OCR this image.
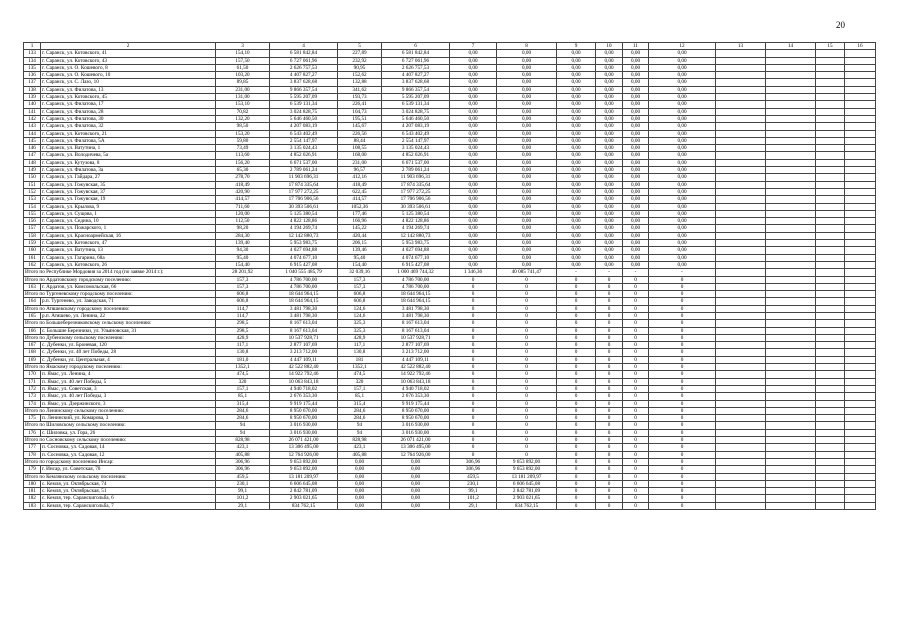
20
1	2	3	4	5	6	7	8	9	10	11	12	13	14	15	16
133	г. Саранск, ул. Котовского, 41	154,10	6 581 842,84	227,89	6 581 842,84	0,00	0,00	0,00	0,00	0,00	0,00				
134	г. Саранск, ул. Котовского, 43	157,50	6 727 061,96	232,92	6 727 061,96	0,00	0,00	0,00	0,00	0,00	0,00				
135	г. Саранск, ул. О. Кошевого, 8	61,50	2 626 757,53	90,95	2 626 757,53	0,00	0,00	0,00	0,00	0,00	0,00				
136	г. Саранск, ул. О. Кошевого, 10	103,20	4 407 827,27	152,62	4 407 827,27	0,00	0,00	0,00	0,00	0,00	0,00				
137	г. Саранск, ул. С. Лазо, 10	89,85	3 837 628,68	132,88	3 837 628,68	0,00	0,00	0,00	0,00	0,00	0,00				
138	г. Саранск, ул. Филатова, 13	231,00	9 866 357,54	341,62	9 866 357,54	0,00	0,00	0,00	0,00	0,00	0,00				
139	г. Саранск, ул. Котовского, 45	131,00	5 595 207,09	193,73	5 595 207,09	0,00	0,00	0,00	0,00	0,00	0,00				
140	г. Саранск, ул. Филатова, 17	153,10	6 539 131,34	226,41	6 539 131,34	0,00	0,00	0,00	0,00	0,00	0,00				
141	г. Саранск, ул. Филатова, 28	70,82	3 024 828,75	104,73	3 024 828,75	0,00	0,00	0,00	0,00	0,00	0,00				
142	г. Саранск, ул. Филатова, 30	132,20	5 646 460,50	195,51	5 646 460,50	0,00	0,00	0,00	0,00	0,00	0,00				
143	г. Саранск, ул. Филатова, 32	98,50	4 207 083,19	145,67	4 207 083,19	0,00	0,00	0,00	0,00	0,00	0,00				
144	г. Саранск, ул. Котовского, 21	153,20	6 543 402,49	226,56	6 543 402,49	0,00	0,00	0,00	0,00	0,00	0,00				
145	г. Саранск, ул. Филатова, 5А	59,80	2 554 147,97	88,44	2 554 147,97	0,00	0,00	0,00	0,00	0,00	0,00				
146	г. Саранск, ул. Ватутина, 1	73,49	3 135 024,43	108,55	3 135 024,43	0,00	0,00	0,00	0,00	0,00	0,00				
147	г. Саранск, ул. Володичева, 5а	113,60	4 852 026,91	168,00	4 852 026,91	0,00	0,00	0,00	0,00	0,00	0,00				
148	г. Саранск, ул. Кутузова, 8	156,20	6 671 537,00	231,00	6 671 537,00	0,00	0,00	0,00	0,00	0,00	0,00				
149	г. Саранск, ул. Филатова, 3а	65,30	2 789 061,24	96,57	2 789 061,24	0,00	0,00	0,00	0,00	0,00	0,00				
150	г. Саранск, ул. Гайдара, 27	278,70	11 903 696,31	412,16	11 903 696,31	0,00	0,00	0,00	0,00	0,00	0,00				
151	г. Саранск, ул. Гожувская, 35	418,49	17 874 335,64	418,49	17 874 335,64	0,00	0,00	0,00	0,00	0,00	0,00				
152	г. Саранск, ул. Гожувская, 37	420,90	17 977 272,25	622,45	17 977 272,25	0,00	0,00	0,00	0,00	0,00	0,00				
153	г. Саранск, ул. Гожувская, 19	414,57	17 706 906,56	414,57	17 706 906,56	0,00	0,00	0,00	0,00	0,00	0,00				
154	г. Саранск, ул. Крылова, 9	711,60	30 393 506,61	1052,36	30 393 506,61	0,00	0,00	0,00	0,00	0,00	0,00				
155	г. Саранск, ул. Сущова, 1	120,00	5 125 380,54	177,46	5 125 380,54	0,00	0,00	0,00	0,00	0,00	0,00				
156	г. Саранск, ул. Седина, 10	112,50	4 822 128,86	166,96	4 822 128,86	0,00	0,00	0,00	0,00	0,00	0,00				
157	г. Саранск, ул. Пожарского, 1	98,20	4 194 269,74	145,22	4 194 269,74	0,00	0,00	0,00	0,00	0,00	0,00				
158	г. Саранск, ул. Красноармейская, 16	284,30	12 142 880,73	420,44	12 142 880,73	0,00	0,00	0,00	0,00	0,00	0,00				
159	г. Саранск, ул. Котовского, 47	139,40	5 953 983,75	206,15	5 953 983,75	0,00	0,00	0,00	0,00	0,00	0,00				
160	г. Саранск, ул. Ватутина, 13	94,30	4 027 694,88	139,46	4 027 694,88	0,00	0,00	0,00	0,00	0,00	0,00				
161	г. Саранск, ул. Гагарина, 68а	95,40	4 074 677,10	95,40	4 074 677,10	0,00	0,00	0,00	0,00	0,00	0,00				
162	г. Саранск, ул. Котовского, 26	154,40	6 915 427,08	154,40	6 915 427,08	0,00	0,00	0,00	0,00	0,00	0,00				
Итого по Республике Мордовия за 2014 год (по заявке 2014 г.):		28 201,92	1 040 555 485,79	32 039,16	1 000 469 744,32	1 346,36	40 085 741,47	-	-	-	-				
Итого по Ардатовскому городскому поселению:		157,3	4 786 700,00	157,3	4 786 700,00	0	0	0	0	0	0				
163	г. Ардатов, ул. Комсомольская, 66	157,3	4 786 700,00	157,3	4 786 700,00	0	0	0	0	0	0				
Итого по Тургеневскому городскому поселению:		606,8	18 644 964,15	606,8	18 644 964,15	0	0	0	0	0	0				
164	р.п. Тургенево, ул. Заводская, 71	606,8	18 644 964,15	606,8	18 644 964,15	0	0	0	0	0	0				
Итого по Атяшевскому городскому поселению:		114,7	3 481 798,30	124,6	3 481 798,30	0	0	0	0	0	0				
165	р.п. Атяшево, ул. Ленина, 22	114,7	3 481 798,30	124,6	3 481 798,30	0	0	0	0	0	0				
Итого по Большеберезниковскому сельскому поселению:		298,5	8 167 613,04	325,3	8 167 613,04	0	0	0	0	0	0				
166	с. Большие Березники, ул. Ульяновская, 31	298,5	8 167 613,04	325,3	8 167 613,04	0	0	0	0	0	0				
Итого по Дубенскому сельскому поселению:		428,9	10 537 928,71	428,9	10 537 928,71	0	0	0	0	0	0				
167	с. Дубенки, ул. Броневая, 120	117,1	2 877 107,69	117,1	2 877 107,69	0	0	0	0	0	0				
168	с. Дубенки, ул. 40 лет Победы, 28	130,8	3 213 712,00	130,8	3 213 712,00	0	0	0	0	0	0				
169	с. Дубенки, ул. Центральная, 4	181,0	4 447 109,11	181	4 447 109,11	0	0	0	0	0	0				
Итого по Ямаскому городскому поселению:		1352,1	42 522 882,40	1352,1	42 522 882,40	0	0	0	0	0	0				
170	п. Ямас, ул. Ленина, 4	474,5	14 922 792,46	474,5	14 922 792,46	0	0	0	0	0	0				
171	п. Ямас, ул. 40 лет Победы, 5	320	10 063 843,18	320	10 063 843,18	0	0	0	0	0	0				
172	п. Ямас, ул. Советская, 3	157,1	4 940 718,02	157,1	4 940 718,02	0	0	0	0	0	0				
173	п. Ямас, ул. 40 лет Победы, 3	85,1	2 676 353,30	85,1	2 676 353,30	0	0	0	0	0	0				
174	п. Ямас, ул. Дзержинского, 3	315,4	9 919 175,44	315,4	9 919 175,44	0	0	0	0	0	0				
Итого по Ленинскому сельскому поселению:		284,6	8 950 670,00	284,6	8 950 670,00	0	0	0	0	0	0				
175	п. Ленинский, ул. Комарова, 3	284,6	8 950 670,00	284,6	8 950 670,00	0	0	0	0	0	0				
Итого по Шиловскому сельскому поселению:		94	3 016 930,00	94	3 016 930,00	0	0	0	0	0	0				
176	с. Шиловка, ул. Гора, 26	94	3 016 930,00	94	3 016 930,00	0	0	0	0	0	0				
Итого по Сосновскому сельскому поселению:		828,98	26 071 421,00	828,98	26 071 421,00	0	0	0	0	0	0				
177	п. Сосновка, ул. Садовая, 14	423,1	13 306 495,00	423,1	13 306 495,00	0	0	0	0	0	0				
178	п. Сосновка, ул. Садовая, 12	405,88	12 764 926,00	405,88	12 764 926,00	0	0	0	0	0	0				
Итого по городскому поселению Инсар:		306,96	9 653 892,00	0,00	0,00	306,96	9 653 892,00	0	0	0	0				
179	г. Инсар, ул. Советская, 70	306,96	9 653 892,00	0,00	0,00	306,96	9 653 892,00	0	0	0	0				
Итого по Кемлянскому сельскому поселению:		459,5	13 181 209,97	0,00	0,00	459,5	13 181 209,97	0	0	0	0				
180	с. Кемля, ул. Октябрьская, 74	230,1	6 606 645,08	0,00	0,00	230,1	6 606 645,08	0	0	0	0				
181	с. Кемля, ул. Октябрьская, 51	99,1	2 842 781,09	0,00	0,00	99,1	2 842 781,09	0	0	0	0				
182	с. Кемля, тер. Саранскигольба, 6	101,2	2 903 021,65	0,00	0,00	101,2	2 903 021,65	0	0	0	0				
183	с. Кемля, тер. Саранскигольба, 7	29,1	834 762,15	0,00	0,00	29,1	834 762,15	0	0	0	0				
